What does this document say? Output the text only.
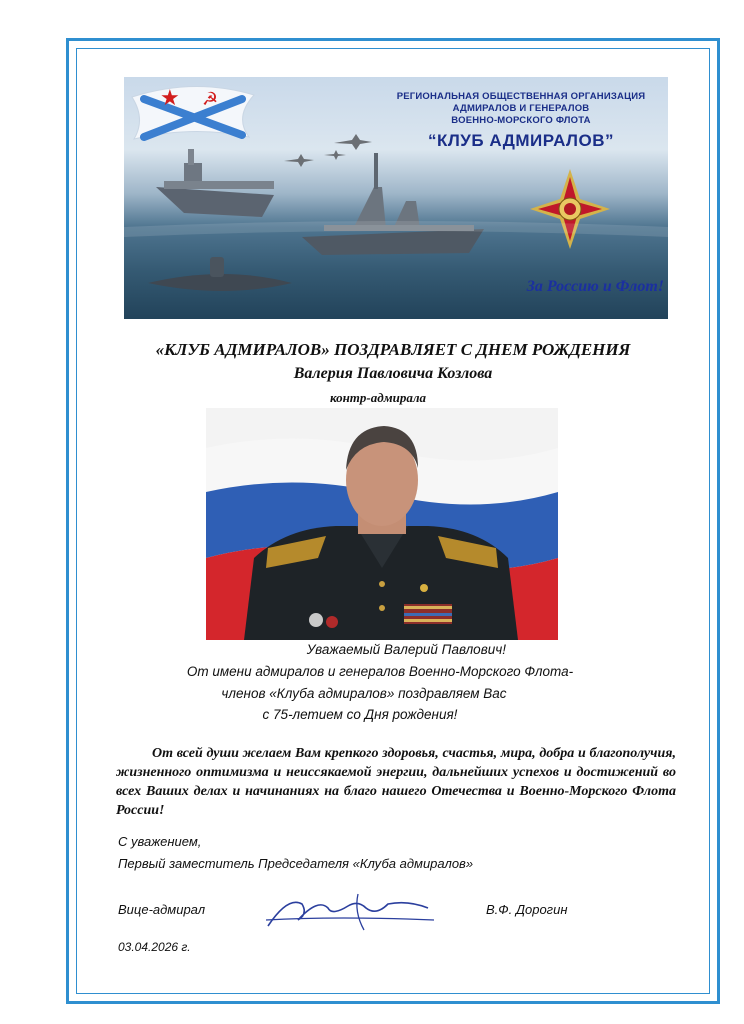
★ ☭	РЕГИОНАЛЬНАЯ ОБЩЕСТВЕННАЯ ОРГАНИЗАЦИЯ
АДМИРАЛОВ И ГЕНЕРАЛОВ
ВОЕННО-МОРСКОГО ФЛОТА
“КЛУБ АДМИРАЛОВ”
За Россию и Флот!
«КЛУБ АДМИРАЛОВ» ПОЗДРАВЛЯЕТ С ДНЕМ РОЖДЕНИЯ
Валерия Павловича Козлова
контр-адмирала
Уважаемый Валерий Павлович!
От имени адмиралов и генералов Военно-Морского Флота-
членов «Клуба адмиралов» поздравляем Вас
с 75-летием со Дня рождения!
От всей души желаем Вам крепкого здоровья, счастья, мира, добра и благополучия, жизненного оптимизма и неиссякаемой энергии, дальнейших успехов и достижений во всех Ваших делах и начинаниях на благо нашего Отечества и Военно-Морского Флота России!
С уважением,
Первый заместитель Председателя «Клуба адмиралов»
Вице-адмирал	В.Ф. Дорогин
03.04.2026 г.
